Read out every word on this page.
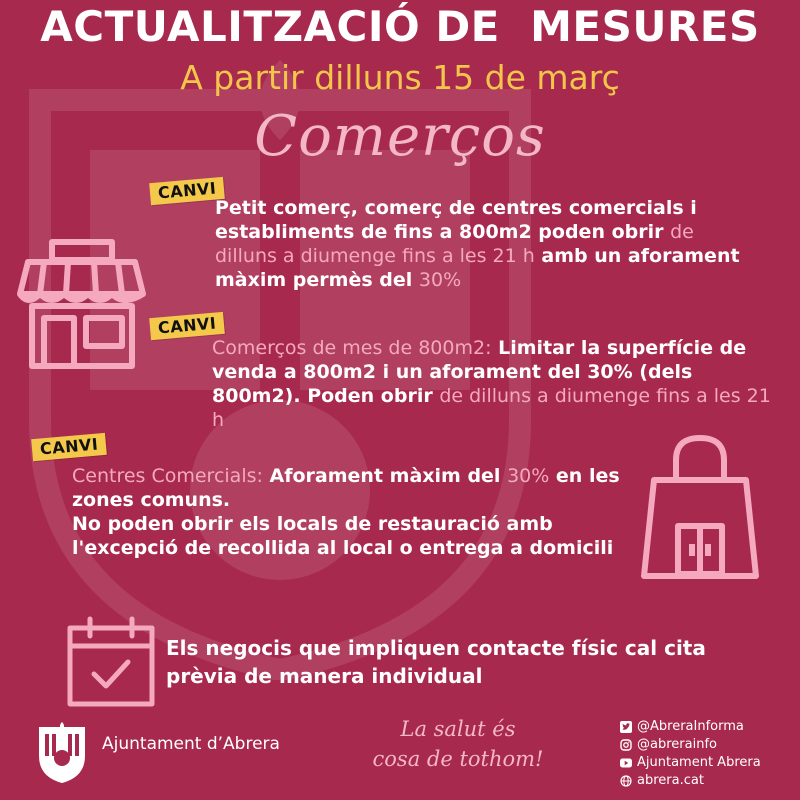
ACTUALITZACIÓ DE  MESURES
A partir dilluns 15 de març
Comerços
CANVI
Petit comerç, comerç de centres comercials i establiments de fins a 800m2 poden obrir de dilluns a diumenge fins a les 21 h amb un aforament màxim permès del 30%
CANVI
Comerços de mes de 800m2: Limitar la superfície de venda a 800m2 i un aforament del 30% (dels 800m2). Poden obrir de dilluns a diumenge fins a les 21 h
CANVI
Centres Comercials: Aforament màxim del 30% en les zones comuns.
No poden obrir els locals de restauració amb l'excepció de recollida al local o entrega a domicili
Els negocis que impliquen contacte físic cal cita prèvia de manera individual
Ajuntament d’Abrera
La salut és
cosa de tothom!
@AbreraInforma
@abrerainfo
Ajuntament Abrera
abrera.cat
